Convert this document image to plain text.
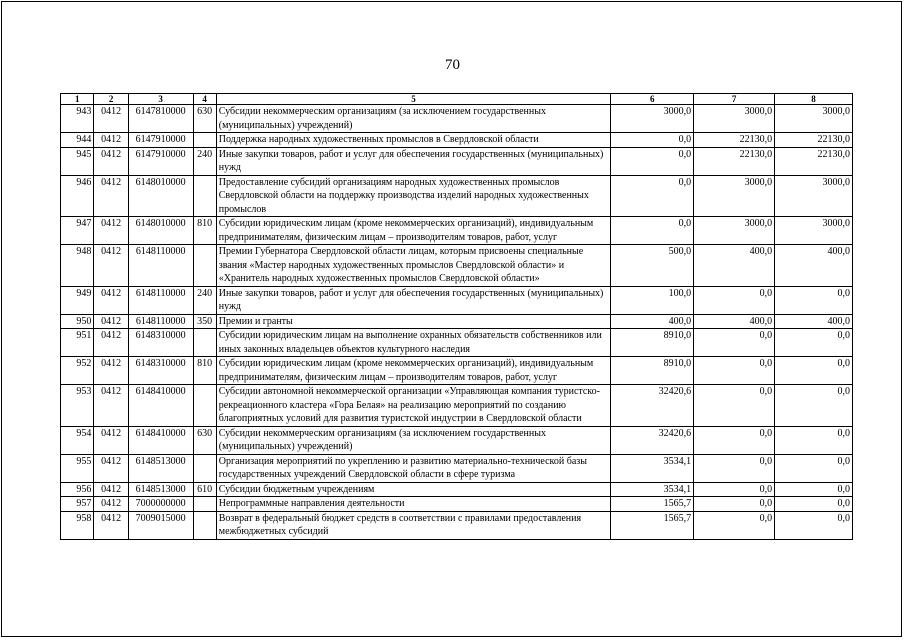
70
1	2	3	4	5	6	7	8
943	0412	6147810000	630	Субсидии некоммерческим организациям (за исключением государственных (муниципальных) учреждений)	3000,0	3000,0	3000,0
944	0412	6147910000		Поддержка народных художественных промыслов в Свердловской области	0,0	22130,0	22130,0
945	0412	6147910000	240	Иные закупки товаров, работ и услуг для обеспечения государственных (муниципальных) нужд	0,0	22130,0	22130,0
946	0412	6148010000		Предоставление субсидий организациям народных художественных промыслов Свердловской области на поддержку производства изделий народных художественных промыслов	0,0	3000,0	3000,0
947	0412	6148010000	810	Субсидии юридическим лицам (кроме некоммерческих организаций), индивидуальным предпринимателям, физическим лицам – производителям товаров, работ, услуг	0,0	3000,0	3000,0
948	0412	6148110000		Премии Губернатора Свердловской области лицам, которым присвоены специальные звания «Мастер народных художественных промыслов Свердловской области» и «Хранитель народных художественных промыслов Свердловской области»	500,0	400,0	400,0
949	0412	6148110000	240	Иные закупки товаров, работ и услуг для обеспечения государственных (муниципальных) нужд	100,0	0,0	0,0
950	0412	6148110000	350	Премии и гранты	400,0	400,0	400,0
951	0412	6148310000		Субсидии юридическим лицам на выполнение охранных обязательств собственников или иных законных владельцев объектов культурного наследия	8910,0	0,0	0,0
952	0412	6148310000	810	Субсидии юридическим лицам (кроме некоммерческих организаций), индивидуальным предпринимателям, физическим лицам – производителям товаров, работ, услуг	8910,0	0,0	0,0
953	0412	6148410000		Субсидии автономной некоммерческой организации «Управляющая компания туристско-рекреационного кластера «Гора Белая» на реализацию мероприятий по созданию благоприятных условий для развития туристской индустрии в Свердловской области	32420,6	0,0	0,0
954	0412	6148410000	630	Субсидии некоммерческим организациям (за исключением государственных (муниципальных) учреждений)	32420,6	0,0	0,0
955	0412	6148513000		Организация мероприятий по укреплению и развитию материально-технической базы государственных учреждений Свердловской области в сфере туризма	3534,1	0,0	0,0
956	0412	6148513000	610	Субсидии бюджетным учреждениям	3534,1	0,0	0,0
957	0412	7000000000		Непрограммные направления деятельности	1565,7	0,0	0,0
958	0412	7009015000		Возврат в федеральный бюджет средств в соответствии с правилами предоставления межбюджетных субсидий	1565,7	0,0	0,0
